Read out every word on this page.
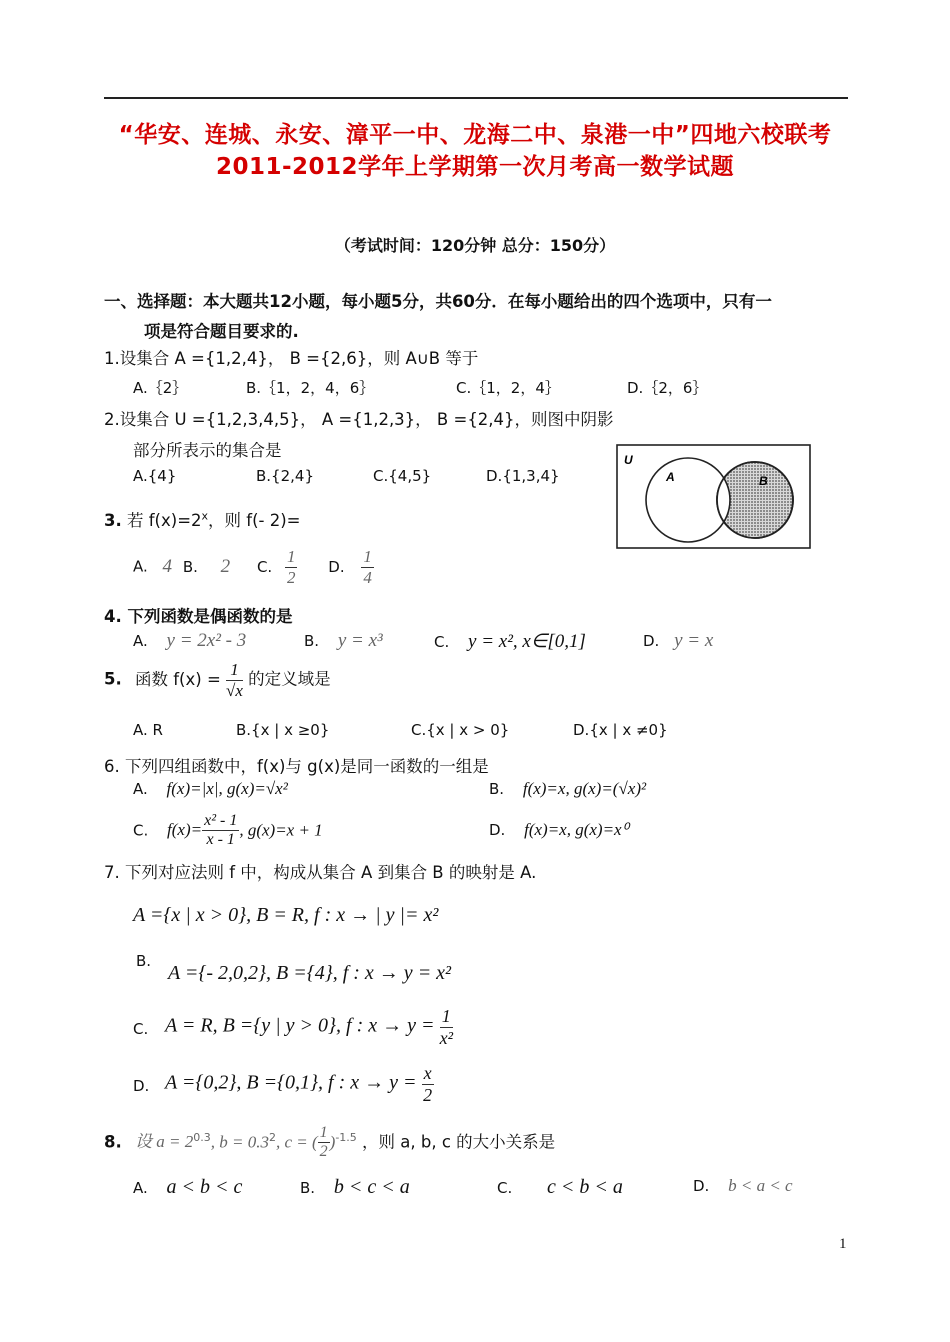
“华安、连城、永安、漳平一中、龙海二中、泉港一中”四地六校联考
2011-2012学年上学期第一次月考高一数学试题
（考试时间：120分钟 总分：150分）
一、选择题：本大题共12小题，每小题5分，共60分．在每小题给出的四个选项中，只有一
项是符合题目要求的.
1.设集合 A ={1,2,4}， B ={2,6}，则 A∪B 等于
A.｛2｝	B.｛1，2，4，6｝	C.｛1，2，4｝	D.｛2，6｝
2.设集合 U ={1,2,3,4,5}， A ={1,2,3}， B ={2,4}，则图中阴影
部分所表示的集合是
A.{4}	B.{2,4}	C.{4,5}	D.{1,3,4}
U
A	B
3. 若 $f(x)=2^x$，则 f(- 2)=
A. 4 B. 2 C. $\frac{1}{2} D$. $\frac{1}{4}$
4. 下列函数是偶函数的是
A. y = 2x² - 3	B. y = x³	C. y = x², x∈[0,1]	D. y = x
5. 函数 $f(x) = \frac{1}{√x}$ 的定义域是
A. R	B.{x | x ≥0}	C.{x | x > 0}	D.{x | x ≠0}
6. 下列四组函数中，f(x)与 g(x)是同一函数的一组是
A. f(x)=|x|, g(x)=√x²	B. f(x)=x, g(x)=(√x)²
C. $f(x)= \frac{\text{x² - 1}}{x - 1}$ , g(x)=x + 1	D. f(x)=x, g(x)=x⁰
7. 下列对应法则 f 中，构成从集合 A 到集合 B 的映射是 A.
A ={x | x > 0}, B = R, f : x → | y |= x²
B.
A ={- 2,0,2}, B ={4}, f : x → y = x²
C. A = R, B ={y | y > 0}, f : $x \to y = \frac{1}{\text{x²}}$
D. A ={0,2}, B ={0,1}, f : $x \to y = \frac{x}{2}$
8. 设 $a = 2^{0.3}$, $b = 0.3^2$, c = ( $\frac{1}{2} )^{-1.5}$ ，则 a, b, c 的大小关系是
A. a < b < c	B. b < c < a	C. c < b < a	D. b < a < c
1
